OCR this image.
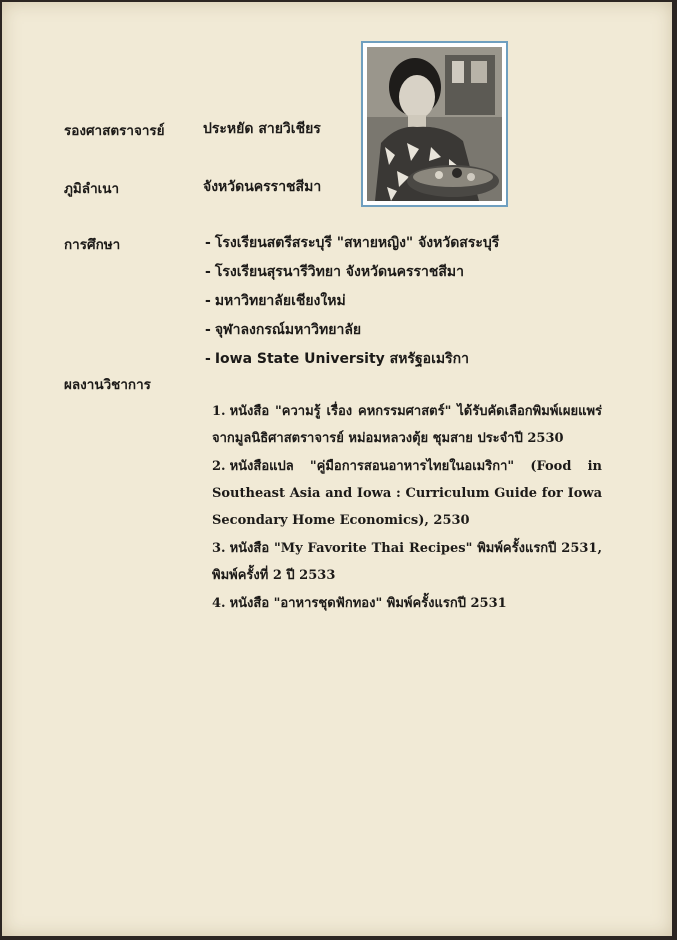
รองศาสตราจารย์	ประหยัด สายวิเชียร
ภูมิลำเนา	จังหวัดนครราชสีมา
การศึกษา	- โรงเรียนสตรีสระบุรี "สหายหญิง" จังหวัดสระบุรี
- โรงเรียนสุรนารีวิทยา จังหวัดนครราชสีมา
- มหาวิทยาลัยเชียงใหม่
- จุฬาลงกรณ์มหาวิทยาลัย
- Iowa State University สหรัฐอเมริกา
ผลงานวิชาการ
1. หนังสือ "ความรู้ เรื่อง คหกรรมศาสตร์" ได้รับคัดเลือกพิมพ์เผยแพร่จากมูลนิธิศาสตราจารย์ หม่อมหลวงตุ้ย ชุมสาย ประจำปี 2530
2. หนังสือแปล "คู่มือการสอนอาหารไทยในอเมริกา" (Food in Southeast Asia and Iowa : Curriculum Guide for Iowa Secondary Home Economics), 2530
3. หนังสือ "My Favorite Thai Recipes" พิมพ์ครั้งแรกปี 2531, พิมพ์ครั้งที่ 2 ปี 2533
4. หนังสือ "อาหารชุดฟักทอง" พิมพ์ครั้งแรกปี 2531
